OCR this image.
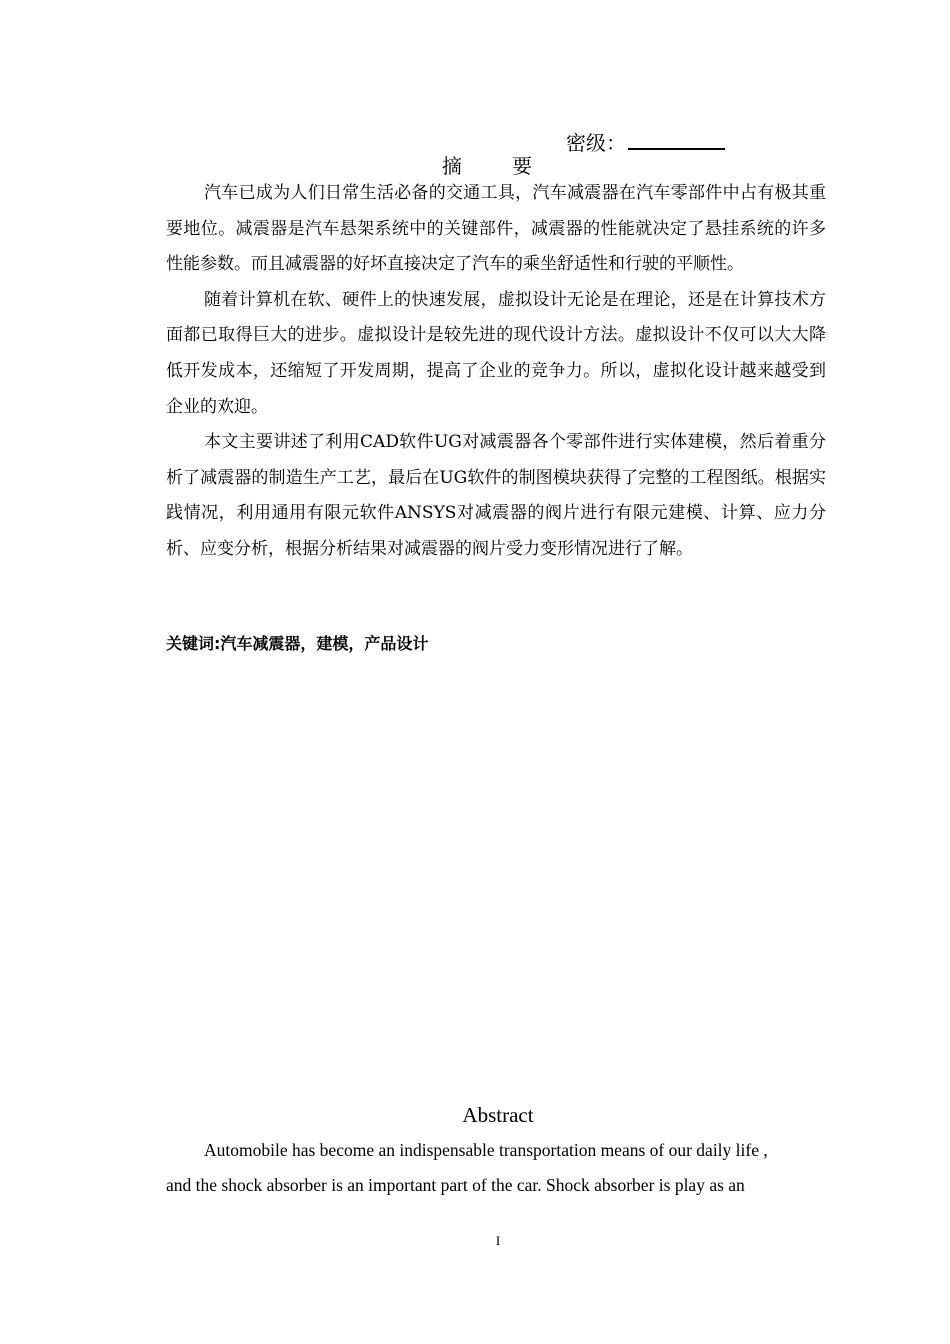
密级：
摘 要

汽车已成为人们日常生活必备的交通工具，汽车减震器在汽车零部件中占有极其重要地位。减震器是汽车悬架系统中的关键部件，减震器的性能就决定了悬挂系统的许多性能参数。而且减震器的好坏直接决定了汽车的乘坐舒适性和行驶的平顺性。

随着计算机在软、硬件上的快速发展，虚拟设计无论是在理论，还是在计算技术方面都已取得巨大的进步。虚拟设计是较先进的现代设计方法。虚拟设计不仅可以大大降低开发成本，还缩短了开发周期，提高了企业的竞争力。所以，虚拟化设计越来越受到企业的欢迎。

本文主要讲述了利用CAD软件UG对减震器各个零部件进行实体建模，然后着重分析了减震器的制造生产工艺，最后在UG软件的制图模块获得了完整的工程图纸。根据实践情况，利用通用有限元软件ANSYS对减震器的阀片进行有限元建模、计算、应力分析、应变分析，根据分析结果对减震器的阀片受力变形情况进行了解。

关键词:汽车减震器，建模，产品设计
Abstract

Automobile has become an indispensable transportation means of our daily life ,
and the shock absorber is an important part of the car. Shock absorber is play as an

I
